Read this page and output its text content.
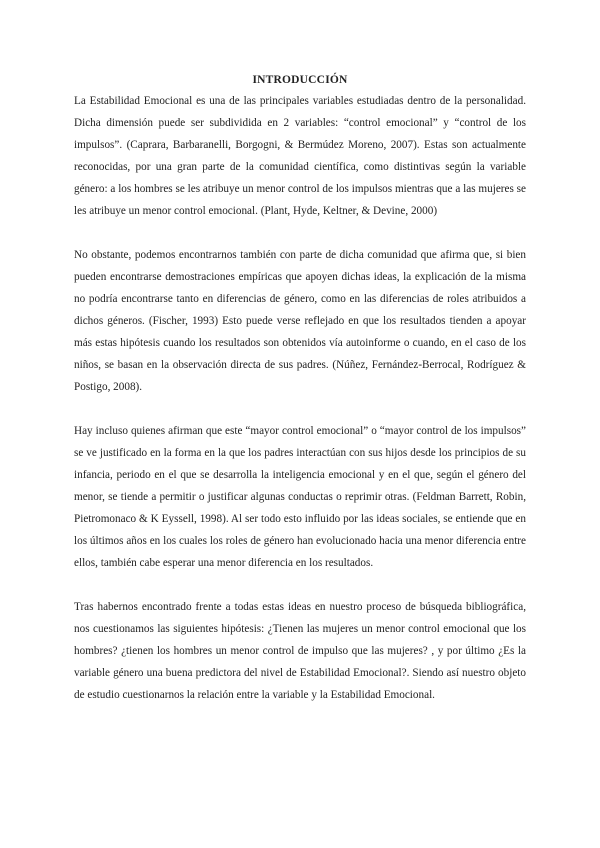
INTRODUCCIÓN

La Estabilidad Emocional es una de las principales variables estudiadas dentro de la personalidad. Dicha dimensión puede ser subdividida en 2 variables: “control emocional” y “control de los impulsos”. (Caprara, Barbaranelli, Borgogni, & Bermúdez Moreno, 2007). Estas son actualmente reconocidas, por una gran parte de la comunidad científica, como distintivas según la variable género: a los hombres se les atribuye un menor control de los impulsos mientras que a las mujeres se les atribuye un menor control emocional. (Plant, Hyde, Keltner, & Devine, 2000)

No obstante, podemos encontrarnos también con parte de dicha comunidad que afirma que, si bien pueden encontrarse demostraciones empíricas que apoyen dichas ideas, la explicación de la misma no podría encontrarse tanto en diferencias de género, como en las diferencias de roles atribuidos a dichos géneros. (Fischer, 1993) Esto puede verse reflejado en que los resultados tienden a apoyar más estas hipótesis cuando los resultados son obtenidos vía autoinforme o cuando, en el caso de los niños, se basan en la observación directa de sus padres. (Núñez, Fernández-Berrocal, Rodríguez & Postigo, 2008).

Hay incluso quienes afirman que este “mayor control emocional” o “mayor control de los impulsos” se ve justificado en la forma en la que los padres interactúan con sus hijos desde los principios de su infancia, periodo en el que se desarrolla la inteligencia emocional y en el que, según el género del menor, se tiende a permitir o justificar algunas conductas o reprimir otras. (Feldman Barrett, Robin, Pietromonaco & K Eyssell, 1998). Al ser todo esto influido por las ideas sociales, se entiende que en los últimos años en los cuales los roles de género han evolucionado hacia una menor diferencia entre ellos, también cabe esperar una menor diferencia en los resultados.

Tras habernos encontrado frente a todas estas ideas en nuestro proceso de búsqueda bibliográfica, nos cuestionamos las siguientes hipótesis: ¿Tienen las mujeres un menor control emocional que los hombres? ¿tienen los hombres un menor control de impulso que las mujeres? , y por último ¿Es la variable género una buena predictora del nivel de Estabilidad Emocional?. Siendo así nuestro objeto de estudio cuestionarnos la relación entre la variable y la Estabilidad Emocional.
